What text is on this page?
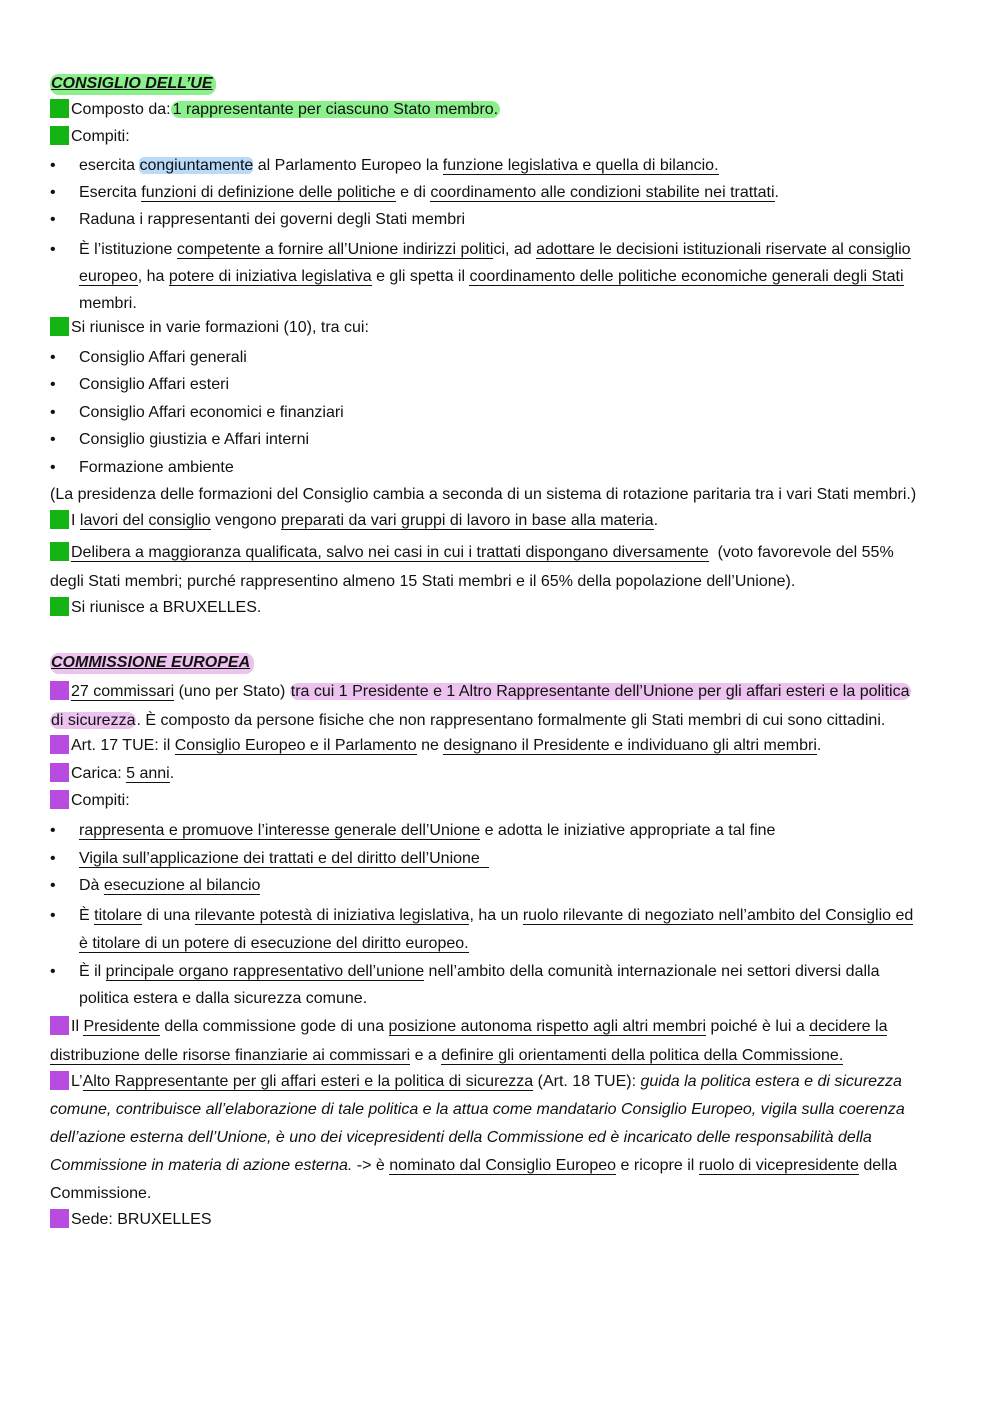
CONSIGLIO DELL’UE
Composto da: 1 rappresentante per ciascuno Stato membro.
Compiti:
• esercita congiuntamente al Parlamento Europeo la funzione legislativa e quella di bilancio.
• Esercita funzioni di definizione delle politiche e di coordinamento alle condizioni stabilite nei trattati.
• Raduna i rappresentanti dei governi degli Stati membri
• È l’istituzione competente a fornire all’Unione indirizzi politici, ad adottare le decisioni istituzionali riservate al consiglio
europeo, ha potere di iniziativa legislativa e gli spetta il coordinamento delle politiche economiche generali degli Stati
membri.
Si riunisce in varie formazioni (10), tra cui:
• Consiglio Affari generali
• Consiglio Affari esteri
• Consiglio Affari economici e finanziari
• Consiglio giustizia e Affari interni
• Formazione ambiente
(La presidenza delle formazioni del Consiglio cambia a seconda di un sistema di rotazione paritaria tra i vari Stati membri.)
I lavori del consiglio vengono preparati da vari gruppi di lavoro in base alla materia.
Delibera a maggioranza qualificata, salvo nei casi in cui i trattati dispongano diversamente  (voto favorevole del 55%
degli Stati membri; purché rappresentino almeno 15 Stati membri e il 65% della popolazione dell’Unione).
Si riunisce a BRUXELLES.
COMMISSIONE EUROPEA
27 commissari (uno per Stato) tra cui 1 Presidente e 1 Altro Rappresentante dell’Unione per gli affari esteri e la politica
di sicurezza. È composto da persone fisiche che non rappresentano formalmente gli Stati membri di cui sono cittadini.
Art. 17 TUE: il Consiglio Europeo e il Parlamento ne designano il Presidente e individuano gli altri membri.
Carica: 5 anni.
Compiti:
• rappresenta e promuove l’interesse generale dell’Unione e adotta le iniziative appropriate a tal fine
• Vigila sull’applicazione dei trattati e del diritto dell’Unione
• Dà esecuzione al bilancio
• È titolare di una rilevante potestà di iniziativa legislativa, ha un ruolo rilevante di negoziato nell’ambito del Consiglio ed
è titolare di un potere di esecuzione del diritto europeo.
• È il principale organo rappresentativo dell’unione nell’ambito della comunità internazionale nei settori diversi dalla
politica estera e dalla sicurezza comune.
Il Presidente della commissione gode di una posizione autonoma rispetto agli altri membri poiché è lui a decidere la
distribuzione delle risorse finanziarie ai commissari e a definire gli orientamenti della politica della Commissione.
L’Alto Rappresentante per gli affari esteri e la politica di sicurezza (Art. 18 TUE): guida la politica estera e di sicurezza
comune, contribuisce all’elaborazione di tale politica e la attua come mandatario Consiglio Europeo, vigila sulla coerenza
dell’azione esterna dell’Unione, è uno dei vicepresidenti della Commissione ed è incaricato delle responsabilità della
Commissione in materia di azione esterna. -> è nominato dal Consiglio Europeo e ricopre il ruolo di vicepresidente della
Commissione.
Sede: BRUXELLES
